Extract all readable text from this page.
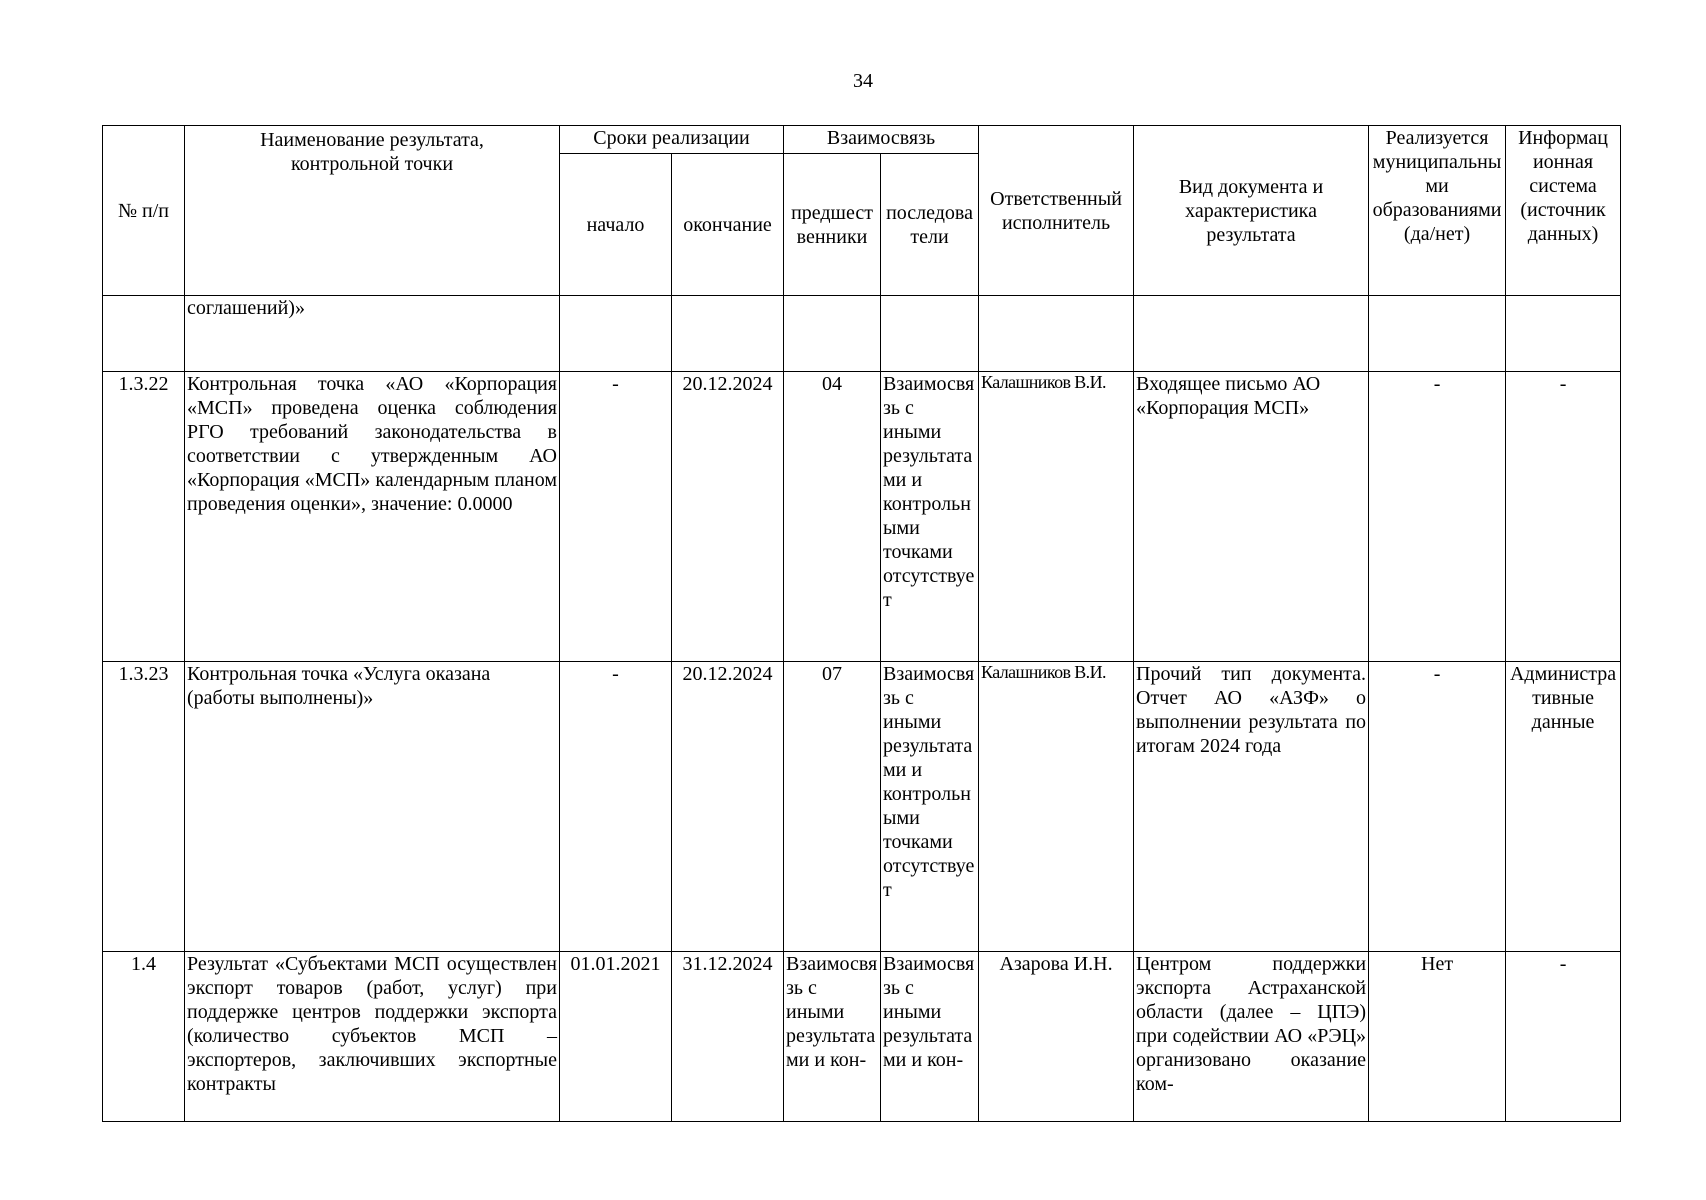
34
№ п/п	Наименование результата, контрольной точки	Сроки реализации		Взаимосвязь		Ответственный исполнитель	Вид документа и характеристика результата	Реализуется муниципальными образованиями (да/нет)	Информационная система (источник данных)
		начало	окончание	предшественники	последователи				
	соглашений)»								
1.3.22	Контрольная точка «АО «Корпорация «МСП» проведена оценка соблюдения РГО требований законодательства в соответствии с утвержденным АО «Корпорация «МСП» календарным планом проведения оценки», значение: 0.0000	-	20.12.2024	04	Взаимосвязь с иными результатами и контрольными точками отсутствует	Калашников В.И.	Входящее письмо АО «Корпорация МСП»	-	-
1.3.23	Контрольная точка «Услуга оказана (работы выполнены)»	-	20.12.2024	07	Взаимосвязь с иными результатами и контрольными точками отсутствует	Калашников В.И.	Прочий тип документа. Отчет АО «АЗФ» о выполнении результата по итогам 2024 года	-	Административные данные
1.4	Результат «Субъектами МСП осуществлен экспорт товаров (работ, услуг) при поддержке центров поддержки экспорта (количество субъектов МСП – экспортеров, заключивших экспортные контракты	01.01.2021	31.12.2024	Взаимосвязь с иными результатами и кон-	Взаимосвязь с иными результатами и кон-	Азарова И.Н.	Центром поддержки экспорта Астраханской области (далее – ЦПЭ) при содействии АО «РЭЦ» организовано оказание ком-	Нет	-
